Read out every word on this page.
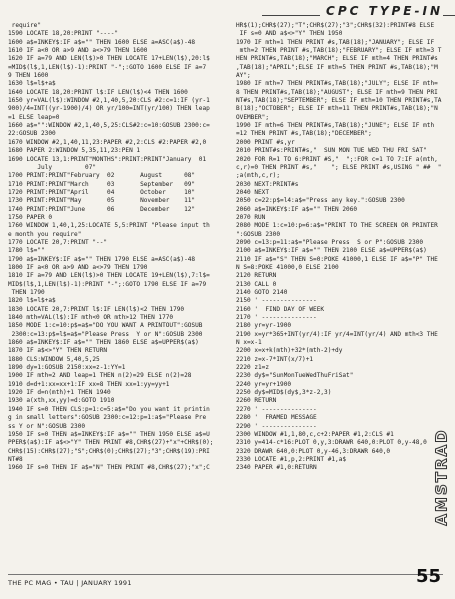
CPC TYPE-IN
require"
1590 LOCATE 18,20:PRINT "----"
1600 a$=INKEY$:IF a$="" THEN 1600 ELSE a=ASC(a$)-48
1610 IF a<0 OR a>9 AND a<>79 THEN 1600
1620 IF a=79 AND LEN(l$)>0 THEN LOCATE 17+LEN(l$),20:l$
=MID$(l$,1,LEN(l$)-1):PRINT "-";:GOTO 1600 ELSE IF a=7
9 THEN 1600
1630 l$=l$+a$
1640 LOCATE 18,20:PRINT l$:IF LEN(l$)<4 THEN 1600
1650 yr=VAL(l$):WINDOW #2,1,40,5,20:CLS #2:c=1:IF (yr-1
900)/4=INT((yr-1900)/4) OR yr/100=INT(yr/100) THEN leap
=1 ELSE leap=0
1660 a$="":WINDOW #2,1,40,5,25:CLS#2:c=10:GOSUB 2300:c=
22:GOSUB 2300
1670 WINDOW #2,1,40,11,23:PAPER #2,2:CLS #2:PAPER #2,0
1680 PAPER 2:WINDOW 5,35,11,23:PEN 1
1690 LOCATE 13,1:PRINT"MONTHS":PRINT:PRINT"January  01
July         07"
1700 PRINT:PRINT"February  02       August      08"
1710 PRINT:PRINT"March     03       September   09"
1720 PRINT:PRINT"April     04       October     10"
1730 PRINT:PRINT"May       05       November    11"
1740 PRINT:PRINT"June      06       December    12"
1750 PAPER 0
1760 WINDOW 1,40,1,25:LOCATE 5,5:PRINT "Please input th
e month you require"
1770 LOCATE 20,7:PRINT "--"
1780 l$=""
1790 a$=INKEY$:IF a$="" THEN 1790 ELSE a=ASC(a$)-48
1800 IF a<0 OR a>9 AND a<>79 THEN 1790
1810 IF a=79 AND LEN(l$)>0 THEN LOCATE 19+LEN(l$),7:l$=
MID$(l$,1,LEN(l$)-1):PRINT "-";:GOTO 1790 ELSE IF a=79
THEN 1790
1820 l$=l$+a$
1830 LOCATE 20,7:PRINT l$:IF LEN(l$)<2 THEN 1790
1840 mth=VAL(l$):IF mth<0 OR mth>12 THEN 1770
1850 MODE 1:c=10:p$=a$="DO YOU WANT A PRINTOUT":GOSUB
2300:c=13:p$=l$=a$="Please Press  Y or N":GOSUB 2300
1860 a$=INKEY$:IF a$="" THEN 1860 ELSE a$=UPPER$(a$)
1870 IF a$<>"Y" THEN RETURN
1880 CLS:WINDOW 5,40,5,25
1890 dy=1:GOSUB 2150:xx=z-1:YY=1
1900 IF mth=2 AND leap=1 THEN n(2)=29 ELSE n(2)=28
1910 d=d+1:xx=xx+1:IF xx=8 THEN xx=1:yy=yy+1
1920 IF d=n(mth)+1 THEN 1940
1930 a(xth,xx,yy)=d:GOTO 1910
1940 IF s=0 THEN CLS:p=1:c=5:a$="Do you want it printin
g in small letters":GOSUB 2300:c=12:p=1:a$="Please Pre
ss Y or N":GOSUB 2300
1950 IF s=0 THEN a$=INKEY$:IF a$="" THEN 1950 ELSE a$=U
PPER$(a$):IF a$<>"Y" THEN PRINT #8,CHR$(27)+"x"+CHR$(0);
CHR$(15):CHR$(27);"S";CHR$(0);CHR$(27);"3";CHR$(19):PRI
NT#8
1960 IF s=0 THEN IF a$="N" THEN PRINT #8,CHR$(27);"x";C
HR$(1);CHR$(27);"T";CHR$(27);"3";CHR$(32):PRINT#8 ELSE
IF s=0 AND a$<>"Y" THEN 1950
1970 IF mth=1 THEN PRINT #s,TAB(18);"JANUARY"; ELSE IF
mth=2 THEN PRINT #s,TAB(18);"FEBRUARY"; ELSE IF mth=3 T
HEN PRINT#s,TAB(18);"MARCH"; ELSE IF mth=4 THEN PRINT#s
,TAB(18);"APRIL";ELSE IF mth=5 THEN PRINT #s,TAB(18);"M
AY";
1980 IF mth=7 THEN PRINT#s,TAB(18);"JULY"; ELSE IF mth=
8 THEN PRINT#s,TAB(18);"AUGUST"; ELSE IF mth=9 THEN PRI
NT#s,TAB(18);"SEPTEMBER"; ELSE IF mth=10 THEN PRINT#s,TA
B(18);"OCTOBER"; ELSE IF mth=11 THEN PRINT#s,TAB(18);"N
OVEMBER";
1990 IF mth=6 THEN PRINT#s,TAB(18);"JUNE"; ELSE IF mth
=12 THEN PRINT #s,TAB(18);"DECEMBER";
2000 PRINT #s,yr
2010 PRINT#s:PRINT#s,"  SUN MON TUE WED THU FRI SAT"
2020 FOR R=1 TO 6:PRINT #S,"  ";:FOR c=1 TO 7:IF a(mth,
c,r)=0 THEN PRINT #s,"    "; ELSE PRINT #s,USING " ##  "
;a(mth,c,r);
2030 NEXT:PRINT#s
2040 NEXT
2050 c=22:p$=l4:a$="Press any key.":GOSUB 2300
2060 a$=INKEY$:IF a$="" THEN 2060
2070 RUN
2080 MODE 1:c=10:p=6:a$="PRINT TO THE SCREEN OR PRINTER
":GOSUB 2300
2090 c=13:p=11:a$="Please Press  S or P":GOSUB 2300
2100 a$=INKEY$:IF a$="" THEN 2100 ELSE a$=UPPER$(a$)
2110 IF a$="S" THEN S=0:POKE 41000,1 ELSE IF a$="P" THE
N S=8:POKE 41000,0 ELSE 2100
2120 RETURN
2130 CALL 0
2140 GOTO 2140
2150 ' ---------------
2160 '  FIND DAY OF WEEK
2170 ' ---------------
2180 yr=yr-1900
2190 x=yr*365+INT(yr/4):IF yr/4=INT(yr/4) AND mth<3 THE
N x=x-1
2200 x=x+k(mth)+32*(mth-2)+dy
2210 z=x-7*INT(x/7)+1
2220 z1=z
2230 dy$="SunMonTueWedThuFriSat"
2240 yr=yr+1900
2250 dy$=MID$(dy$,3*z-2,3)
2260 RETURN
2270 ' ---------------
2280 '  FRAMED MESSAGE
2290 ' ---------------
2300 WINDOW #1,1,80,c,c+2:PAPER #1,2:CLS #1
2310 y=414-c*16:PLOT 0,y,3:DRAWR 640,0:PLOT 0,y-48,0
2320 DRAWR 640,0:PLOT 0,y-46,3:DRAWR 640,0
2330 LOCATE #1,p,2:PRINT #1,a$
2340 PAPER #1,0:RETURN	AMSTRAD
THE PC MAG • TAU | JANUARY 1991	55
